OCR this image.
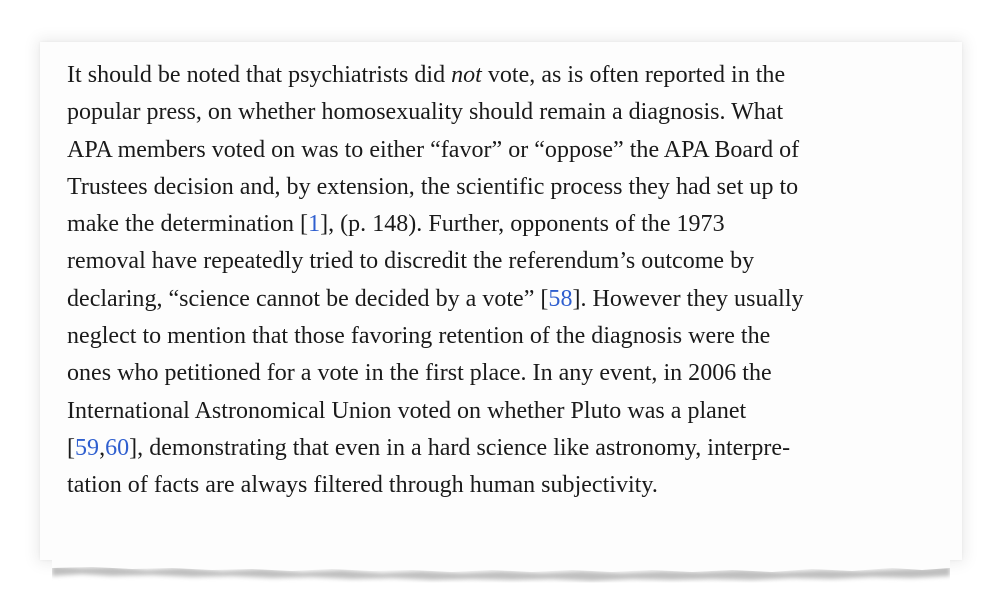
It should be noted that psychiatrists did not vote, as is often reported in the
popular press, on whether homosexuality should remain a diagnosis. What
APA members voted on was to either “favor” or “oppose” the APA Board of
Trustees decision and, by extension, the scientific process they had set up to
make the determination [1], (p. 148). Further, opponents of the 1973
removal have repeatedly tried to discredit the referendum’s outcome by
declaring, “science cannot be decided by a vote” [58]. However they usually
neglect to mention that those favoring retention of the diagnosis were the
ones who petitioned for a vote in the first place. In any event, in 2006 the
International Astronomical Union voted on whether Pluto was a planet
[59,60], demonstrating that even in a hard science like astronomy, interpre-
tation of facts are always filtered through human subjectivity.
